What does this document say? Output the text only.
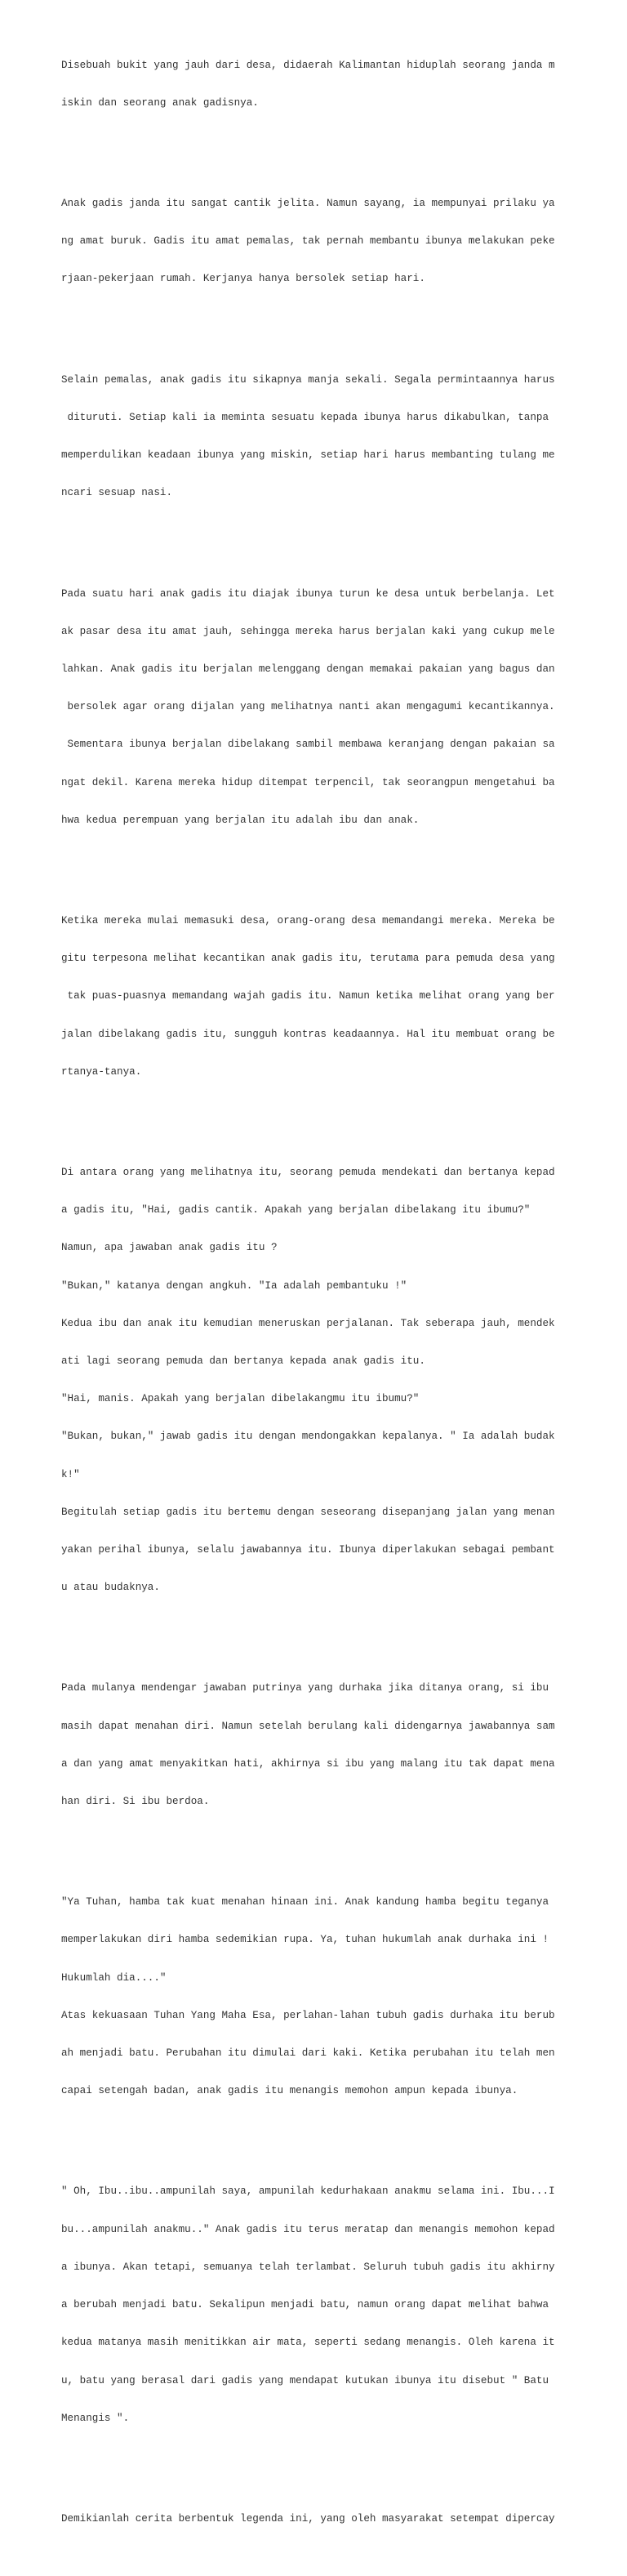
Disebuah bukit yang jauh dari desa, didaerah Kalimantan hiduplah seorang janda m

iskin dan seorang anak gadisnya.

Anak gadis janda itu sangat cantik jelita. Namun sayang, ia mempunyai prilaku ya

ng amat buruk. Gadis itu amat pemalas, tak pernah membantu ibunya melakukan peke

rjaan-pekerjaan rumah. Kerjanya hanya bersolek setiap hari.

Selain pemalas, anak gadis itu sikapnya manja sekali. Segala permintaannya harus

dituruti. Setiap kali ia meminta sesuatu kepada ibunya harus dikabulkan, tanpa

memperdulikan keadaan ibunya yang miskin, setiap hari harus membanting tulang me

ncari sesuap nasi.

Pada suatu hari anak gadis itu diajak ibunya turun ke desa untuk berbelanja. Let

ak pasar desa itu amat jauh, sehingga mereka harus berjalan kaki yang cukup mele

lahkan. Anak gadis itu berjalan melenggang dengan memakai pakaian yang bagus dan

bersolek agar orang dijalan yang melihatnya nanti akan mengagumi kecantikannya.

Sementara ibunya berjalan dibelakang sambil membawa keranjang dengan pakaian sa

ngat dekil. Karena mereka hidup ditempat terpencil, tak seorangpun mengetahui ba

hwa kedua perempuan yang berjalan itu adalah ibu dan anak.

Ketika mereka mulai memasuki desa, orang-orang desa memandangi mereka. Mereka be

gitu terpesona melihat kecantikan anak gadis itu, terutama para pemuda desa yang

tak puas-puasnya memandang wajah gadis itu. Namun ketika melihat orang yang ber

jalan dibelakang gadis itu, sungguh kontras keadaannya. Hal itu membuat orang be

rtanya-tanya.

Di antara orang yang melihatnya itu, seorang pemuda mendekati dan bertanya kepad

a gadis itu, "Hai, gadis cantik. Apakah yang berjalan dibelakang itu ibumu?"

Namun, apa jawaban anak gadis itu ?

"Bukan," katanya dengan angkuh. "Ia adalah pembantuku !"

Kedua ibu dan anak itu kemudian meneruskan perjalanan. Tak seberapa jauh, mendek

ati lagi seorang pemuda dan bertanya kepada anak gadis itu.

"Hai, manis. Apakah yang berjalan dibelakangmu itu ibumu?"

"Bukan, bukan," jawab gadis itu dengan mendongakkan kepalanya. " Ia adalah budak

k!"

Begitulah setiap gadis itu bertemu dengan seseorang disepanjang jalan yang menan

yakan perihal ibunya, selalu jawabannya itu. Ibunya diperlakukan sebagai pembant

u atau budaknya.

Pada mulanya mendengar jawaban putrinya yang durhaka jika ditanya orang, si ibu

masih dapat menahan diri. Namun setelah berulang kali didengarnya jawabannya sam

a dan yang amat menyakitkan hati, akhirnya si ibu yang malang itu tak dapat mena

han diri. Si ibu berdoa.

"Ya Tuhan, hamba tak kuat menahan hinaan ini. Anak kandung hamba begitu teganya

memperlakukan diri hamba sedemikian rupa. Ya, tuhan hukumlah anak durhaka ini !

Hukumlah dia...."

Atas kekuasaan Tuhan Yang Maha Esa, perlahan-lahan tubuh gadis durhaka itu berub

ah menjadi batu. Perubahan itu dimulai dari kaki. Ketika perubahan itu telah men

capai setengah badan, anak gadis itu menangis memohon ampun kepada ibunya.

" Oh, Ibu..ibu..ampunilah saya, ampunilah kedurhakaan anakmu selama ini. Ibu...I

bu...ampunilah anakmu.." Anak gadis itu terus meratap dan menangis memohon kepad

a ibunya. Akan tetapi, semuanya telah terlambat. Seluruh tubuh gadis itu akhirny

a berubah menjadi batu. Sekalipun menjadi batu, namun orang dapat melihat bahwa

kedua matanya masih menitikkan air mata, seperti sedang menangis. Oleh karena it

u, batu yang berasal dari gadis yang mendapat kutukan ibunya itu disebut " Batu

Menangis ".

Demikianlah cerita berbentuk legenda ini, yang oleh masyarakat setempat dipercay
